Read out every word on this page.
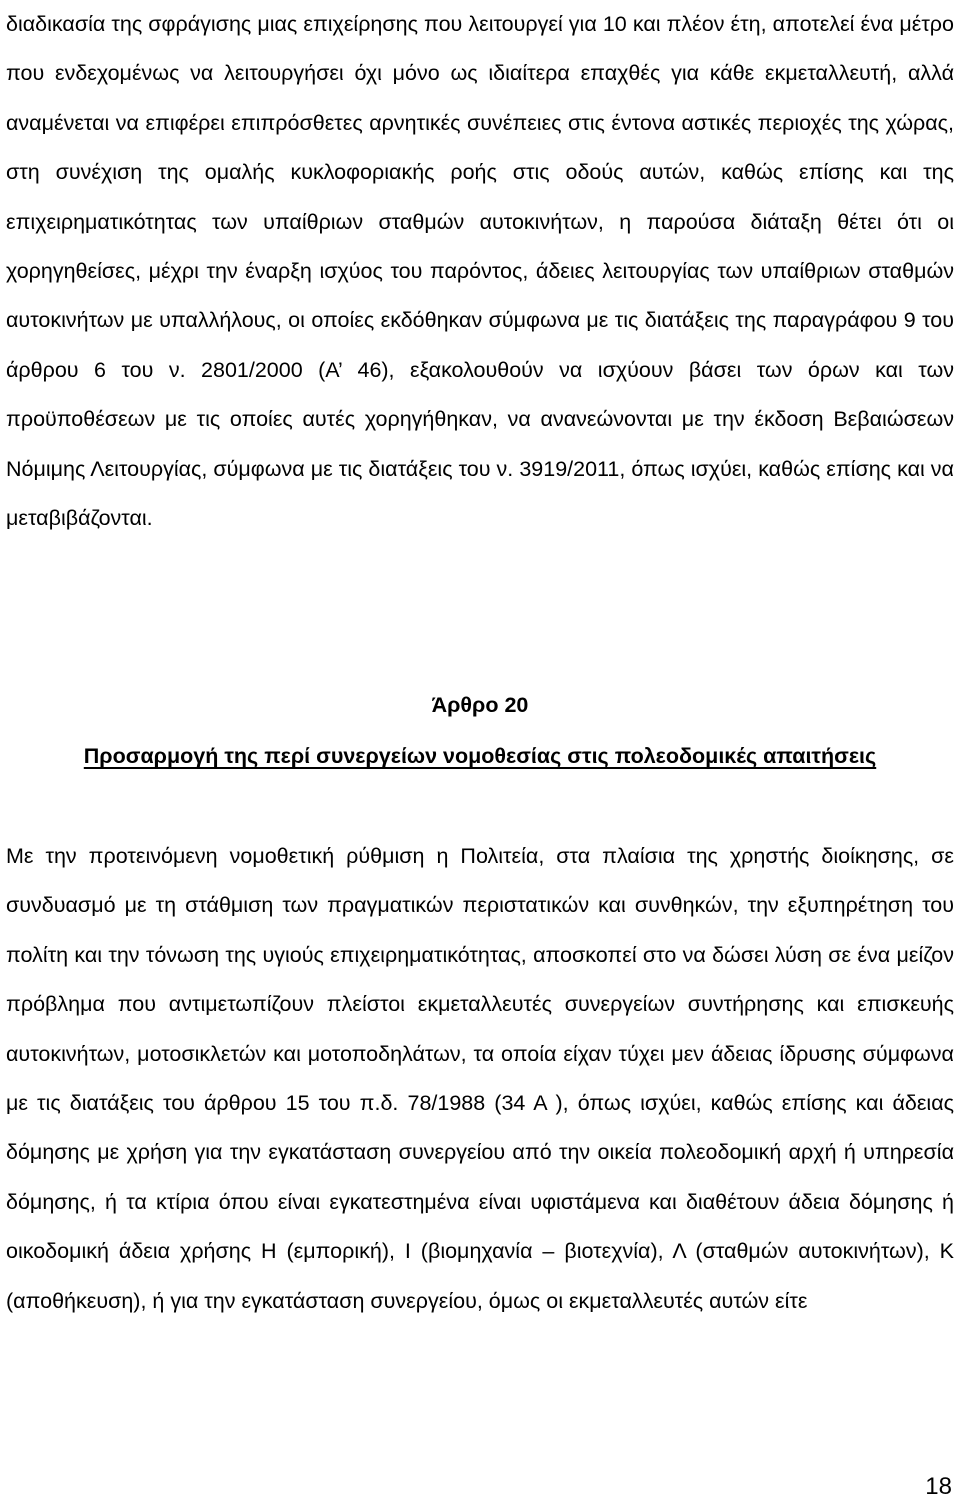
διαδικασία της σφράγισης μιας επιχείρησης που λειτουργεί για 10 και πλέον έτη, αποτελεί ένα μέτρο που ενδεχομένως να λειτουργήσει όχι μόνο ως ιδιαίτερα επαχθές για κάθε εκμεταλλευτή, αλλά αναμένεται να επιφέρει επιπρόσθετες αρνητικές συνέπειες στις έντονα αστικές περιοχές της χώρας, στη συνέχιση της ομαλής κυκλοφοριακής ροής στις οδούς αυτών, καθώς επίσης και της επιχειρηματικότητας των υπαίθριων σταθμών αυτοκινήτων, η παρούσα διάταξη θέτει ότι οι χορηγηθείσες, μέχρι την έναρξη ισχύος του παρόντος, άδειες λειτουργίας των υπαίθριων σταθμών αυτοκινήτων με υπαλλήλους, οι οποίες εκδόθηκαν σύμφωνα με τις διατάξεις της παραγράφου 9 του άρθρου 6 του ν. 2801/2000 (Α’ 46), εξακολουθούν να ισχύουν βάσει των όρων και των προϋποθέσεων με τις οποίες αυτές χορηγήθηκαν, να ανανεώνονται με την έκδοση Βεβαιώσεων Νόμιμης Λειτουργίας, σύμφωνα με τις διατάξεις του ν. 3919/2011, όπως ισχύει, καθώς επίσης και να μεταβιβάζονται.

Άρθρο 20
Προσαρμογή της περί συνεργείων νομοθεσίας στις πολεοδομικές απαιτήσεις

Με την προτεινόμενη νομοθετική ρύθμιση η Πολιτεία, στα πλαίσια της χρηστής διοίκησης, σε συνδυασμό με τη στάθμιση των πραγματικών περιστατικών και συνθηκών, την εξυπηρέτηση του πολίτη και την τόνωση της υγιούς επιχειρηματικότητας, αποσκοπεί στο να δώσει λύση σε ένα μείζον πρόβλημα που αντιμετωπίζουν πλείστοι εκμεταλλευτές συνεργείων συντήρησης και επισκευής αυτοκινήτων, μοτοσικλετών και μοτοποδηλάτων, τα οποία είχαν τύχει μεν άδειας ίδρυσης σύμφωνα με τις διατάξεις του άρθρου 15 του π.δ. 78/1988 (34 Α ), όπως ισχύει, καθώς επίσης και άδειας δόμησης με χρήση για την εγκατάσταση συνεργείου από την οικεία πολεοδομική αρχή ή υπηρεσία δόμησης, ή τα κτίρια όπου είναι εγκατεστημένα είναι υφιστάμενα και διαθέτουν άδεια δόμησης ή οικοδομική άδεια χρήσης Η (εμπορική), Ι (βιομηχανία – βιοτεχνία), Λ (σταθμών αυτοκινήτων), Κ (αποθήκευση), ή για την εγκατάσταση συνεργείου, όμως οι εκμεταλλευτές αυτών είτε

18
